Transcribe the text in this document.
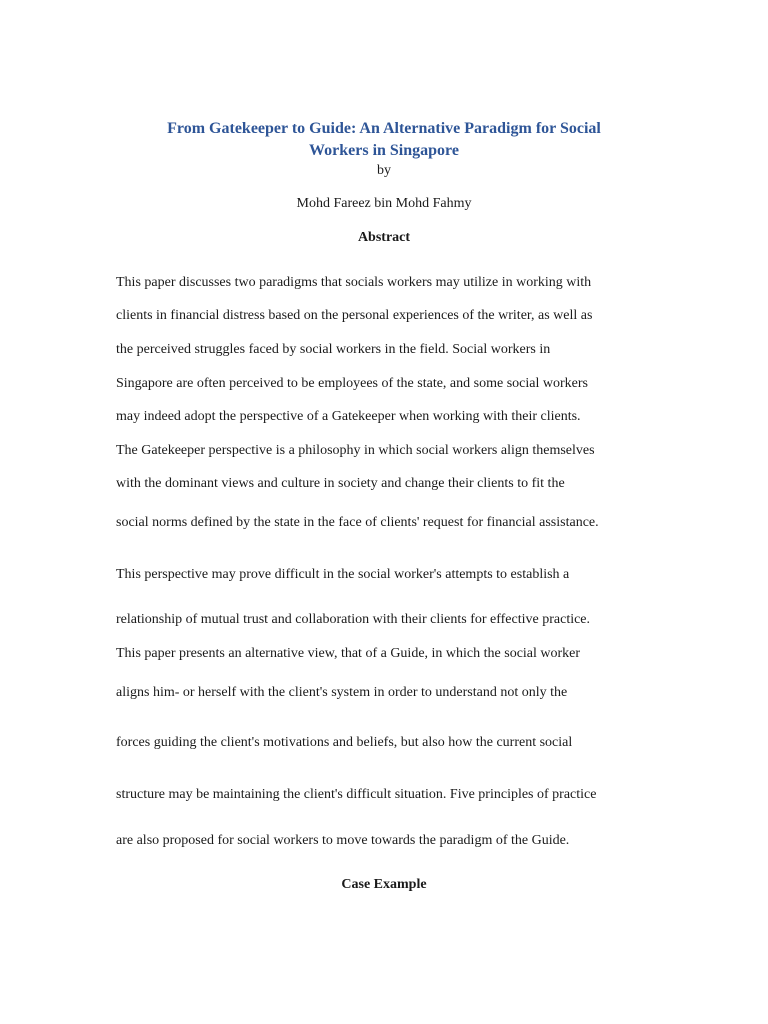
From Gatekeeper to Guide: An Alternative Paradigm for Social
Workers in Singapore
by
Mohd Fareez bin Mohd Fahmy
Abstract
This paper discusses two paradigms that socials workers may utilize in working with
clients in financial distress based on the personal experiences of the writer, as well as
the perceived struggles faced by social workers in the field. Social workers in
Singapore are often perceived to be employees of the state, and some social workers
may indeed adopt the perspective of a Gatekeeper when working with their clients.
The Gatekeeper perspective is a philosophy in which social workers align themselves
with the dominant views and culture in society and change their clients to fit the
social norms defined by the state in the face of clients' request for financial assistance.
This perspective may prove difficult in the social worker's attempts to establish a
relationship of mutual trust and collaboration with their clients for effective practice.
This paper presents an alternative view, that of a Guide, in which the social worker
aligns him- or herself with the client's system in order to understand not only the
forces guiding the client's motivations and beliefs, but also how the current social
structure may be maintaining the client's difficult situation. Five principles of practice
are also proposed for social workers to move towards the paradigm of the Guide.
Case Example
